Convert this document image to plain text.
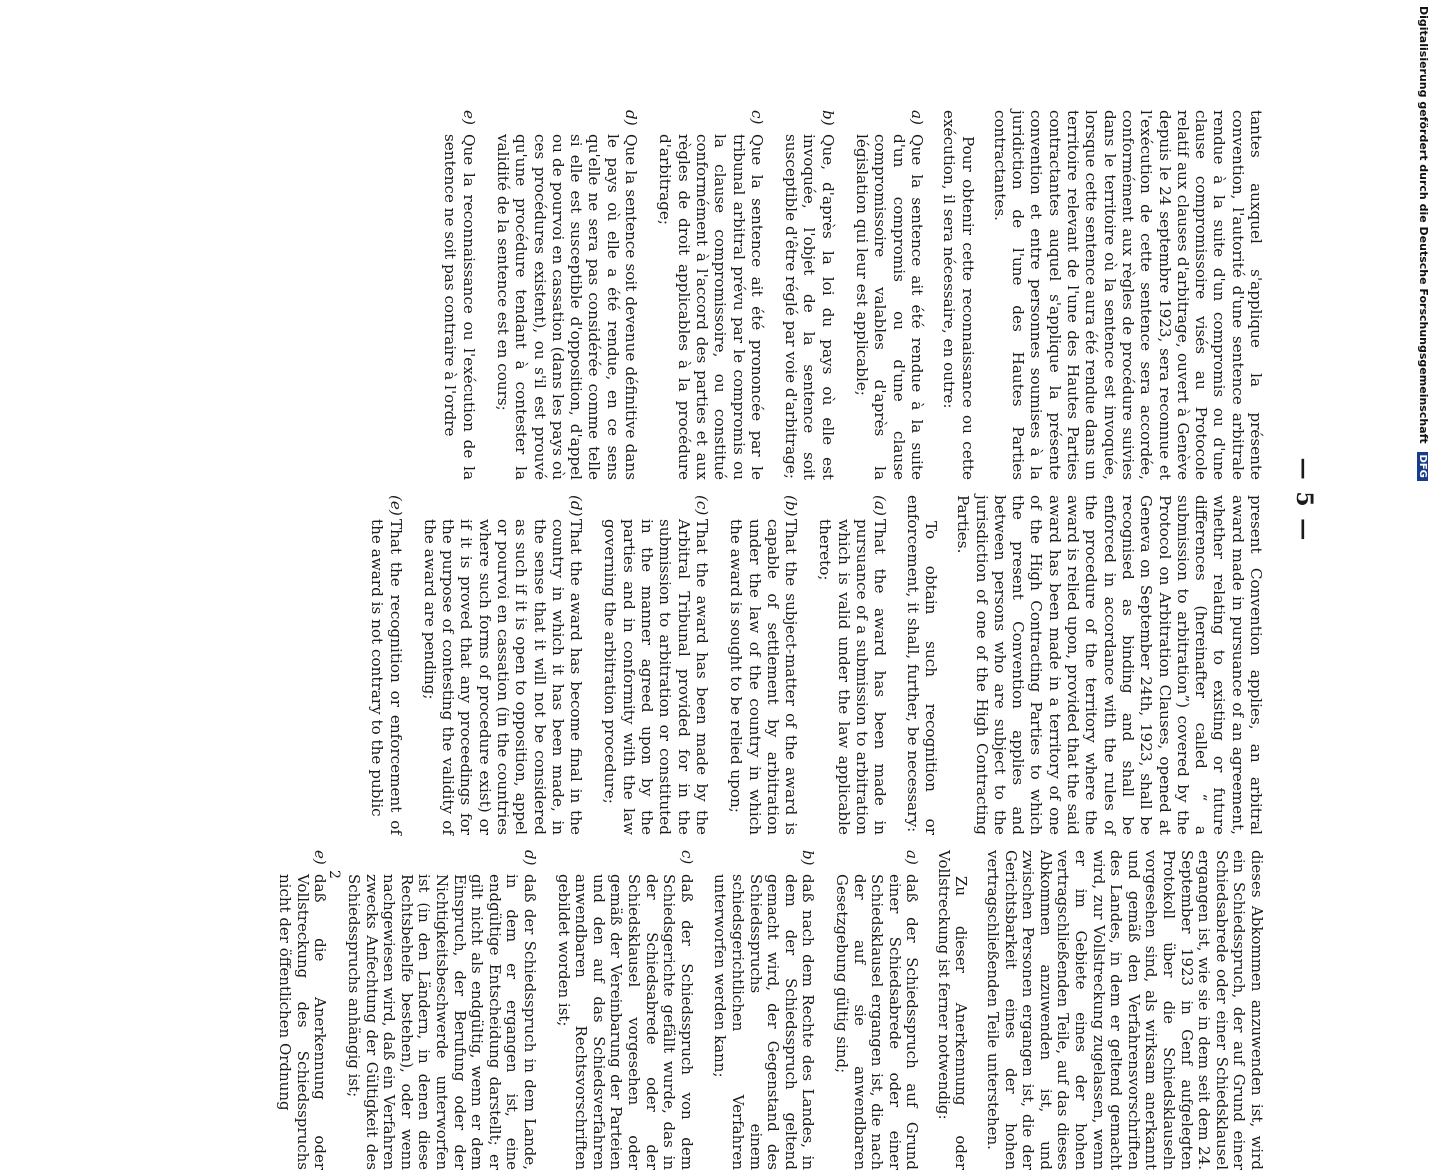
— 5 —

tantes auxquel s'applique la présente convention, l'autorité d'une sentence arbitrale rendue à la suite d'un compromis ou d'une clause compromissoire visés au Protocole relatif aux clauses d'arbitrage, ouvert à Genève depuis le 24 septembre 1923, sera reconnue et l'exécution de cette sentence sera accordée, conformément aux règles de procédure suivies dans le territoire où la sentence est invoquée, lorsque cette sentence aura été rendue dans un territoire relevant de l'une des Hautes Parties contractantes auquel s'applique la présente convention et entre personnes soumises à la juridiction de l'une des Hautes Parties contractantes.

Pour obtenir cette reconnaissance ou cette exécution, il sera nécessaire, en outre:

a)
Que la sentence ait été rendue à la suite d'un compromis ou d'une clause compromissoire valables d'après la législation qui leur est applicable;
b)
Que, d'après la loi du pays où elle est invoquée, l'objet de la sentence soit susceptible d'être réglé par voie d'arbitrage;
c)
Que la sentence ait été prononcée par le tribunal arbitral prévu par le compromis ou la clause compromissoire, ou constitué conformément à l'accord des parties et aux règles de droit applicables à la procédure d'arbitrage;
d)
Que la sentence soit devenue définitive dans le pays où elle a été rendue, en ce sens qu'elle ne sera pas considérée comme telle si elle est susceptible d'opposition, d'appel ou de pourvoi en cassation (dans les pays où ces procédures existent), ou s'il est prouvé qu'une procédure tendant à contester la validité de la sentence est en cours;
e)
Que la reconnaissance ou l'exécution de la sentence ne soit pas contraire à l'ordre

present Convention applies, an arbitral award made in pursuance of an agreement, whether relating to existing or future differences (hereinafter called “ a submission to arbitration”) covered by the Protocol on Arbitration Clauses, opened at Geneva on September 24th, 1923, shall be recognised as binding and shall be enforced in accordance with the rules of the procedure of the territory where the award is relied upon, provided that the said award has been made in a territory of one of the High Contracting Parties to which the present Convention applies and between persons who are subject to the jurisdiction of one of the High Contracting Parties.

To obtain such recognition or enforcement, it shall, further, be necessary:

(a)
That the award has been made in pursuance of a submission to arbitration which is valid under the law applicable thereto;
(b)
That the subject-matter of the award is capable of settlement by arbitration under the law of the country in which the award is sought to be relied upon;
(c)
That the award has been made by the Arbitral Tribunal provided for in the submission to arbitration or constituted in the manner agreed upon by the parties and in conformity with the law governing the arbitration procedure;
(d)
That the award has become final in the country in which it has been made, in the sense that it will not be considered as such if it is open to opposition, appel or pourvoi en cassation (in the countries where such forms of procedure exist) or if it is proved that any proceedings for the purpose of contesting the validity of the award are pending;
(e)
That the recognition or enforcement of the award is not contrary to the public

dieses Abkommen anzuwenden ist, wird ein Schiedsspruch, der auf Grund einer Schiedsabrede oder einer Schiedsklausel ergangen ist, wie sie in dem seit dem 24. September 1923 in Genf aufgelegten Protokoll über die Schiedsklauseln vorgesehen sind, als wirksam anerkannt und gemäß den Verfahrensvorschriften des Landes, in dem er geltend gemacht wird, zur Vollstreckung zugelassen, wenn er im Gebiete eines der hohen vertragschließenden Teile, auf das dieses Abkommen anzuwenden ist, und zwischen Personen ergangen ist, die der Gerichtsbarkeit eines der hohen vertragschließenden Teile unterstehen.

Zu dieser Anerkennung oder Vollstreckung ist ferner notwendig:

a)
daß der Schiedsspruch auf Grund einer Schiedsabrede oder einer Schiedsklausel ergangen ist, die nach der auf sie anwendbaren Gesetzgebung gültig sind;
b)
daß nach dem Rechte des Landes, in dem der Schiedsspruch geltend gemacht wird, der Gegenstand des Schiedsspruchs einem schiedsgerichtlichen Verfahren unterworfen werden kann;
c)
daß der Schiedsspruch von dem Schiedsgerichte gefällt wurde, das in der Schiedsabrede oder der Schiedsklausel vorgesehen oder gemäß der Vereinbarung der Parteien und den auf das Schiedsverfahren anwendbaren Rechtsvorschriften gebildet worden ist;
d)
daß der Schiedsspruch in dem Lande, in dem er ergangen ist, eine endgültige Entscheidung darstellt; er gilt nicht als endgültig, wenn er dem Einspruch, der Berufung oder der Nichtigkeitsbeschwerde unterworfen ist (in den Ländern, in denen diese Rechtsbehelfe bestehen), oder wenn nachgewiesen wird, daß ein Verfahren zwecks Anfechtung der Gültigkeit des Schiedsspruchs anhängig ist;
e)
daß die Anerkennung oder Vollstreckung des Schiedsspruchs nicht der öffentlichen Ordnung	2
Digitalisierung gefördert durch die Deutsche Forschungsgemeinschaft DFG
